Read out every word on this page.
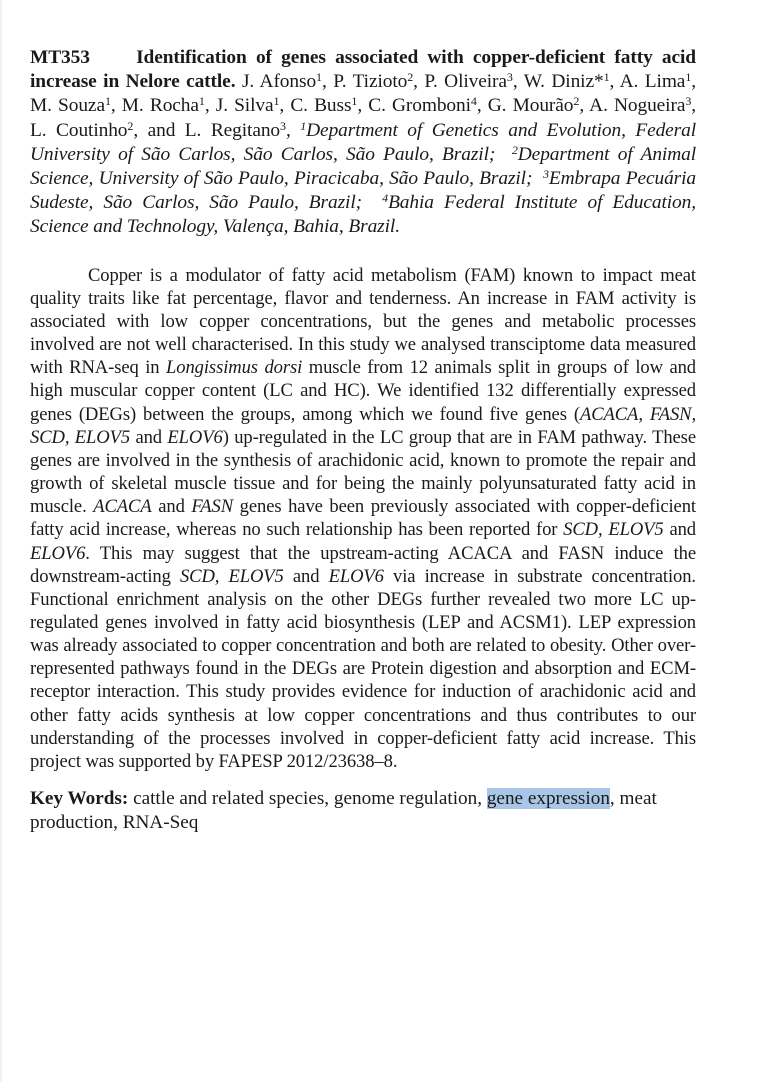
MT353 Identification of genes associated with copper-deficient fatty acid increase in Nelore cattle. J. Afonso$^1$, P. Tizioto$^2$, P. Oliveira$^3$, W. Diniz*$^1$, A. Lima$^1$, M. Souza$^1$, M. Rocha$^1$, J. Silva$^1$, C. Buss$^1$, C. Gromboni$^4$, G. Mourão$^2$, A. Nogueira$^3$, L. Coutinho$^2$, and L. Regitano$^3$, $^1$Department of Genetics and Evolution, Federal University of São Carlos, São Carlos, São Paulo, Brazil;  $^2$Department of Animal Science, University of São Paulo, Piracicaba, São Paulo, Brazil;  $^3$Embrapa Pecuária Sudeste, São Carlos, São Paulo, Brazil;  $^4$Bahia Federal Institute of Education, Science and Technology, Valença, Bahia, Brazil.
Copper is a modulator of fatty acid metabolism (FAM) known to impact meat quality traits like fat percentage, flavor and tenderness. An increase in FAM activity is associated with low copper concentrations, but the genes and metabolic processes involved are not well characterised. In this study we analysed transciptome data measured with RNA-seq in Longissimus dorsi muscle from 12 animals split in groups of low and high muscular copper content (LC and HC). We identified 132 differentially expressed genes (DEGs) between the groups, among which we found five genes (ACACA, FASN, SCD, ELOV5 and ELOV6) up-regulated in the LC group that are in FAM pathway. These genes are involved in the synthesis of arachidonic acid, known to promote the repair and growth of skeletal muscle tissue and for being the mainly polyunsaturated fatty acid in muscle. ACACA and FASN genes have been previously associated with copper-deficient fatty acid increase, whereas no such relationship has been reported for SCD, ELOV5 and ELOV6. This may suggest that the upstream-acting ACACA and FASN induce the downstream-acting SCD, ELOV5 and ELOV6 via increase in substrate concentration. Functional enrichment analysis on the other DEGs further revealed two more LC up-regulated genes involved in fatty acid biosynthesis (LEP and ACSM1). LEP expression was already associated to copper concentration and both are related to obesity. Other over-represented pathways found in the DEGs are Protein digestion and absorption and ECM-receptor interaction. This study provides evidence for induction of arachidonic acid and other fatty acids synthesis at low copper concentrations and thus contributes to our understanding of the processes involved in copper-deficient fatty acid increase. This project was supported by FAPESP 2012/23638–8.
Key Words: cattle and related species, genome regulation, gene expression, meat production, RNA-Seq
